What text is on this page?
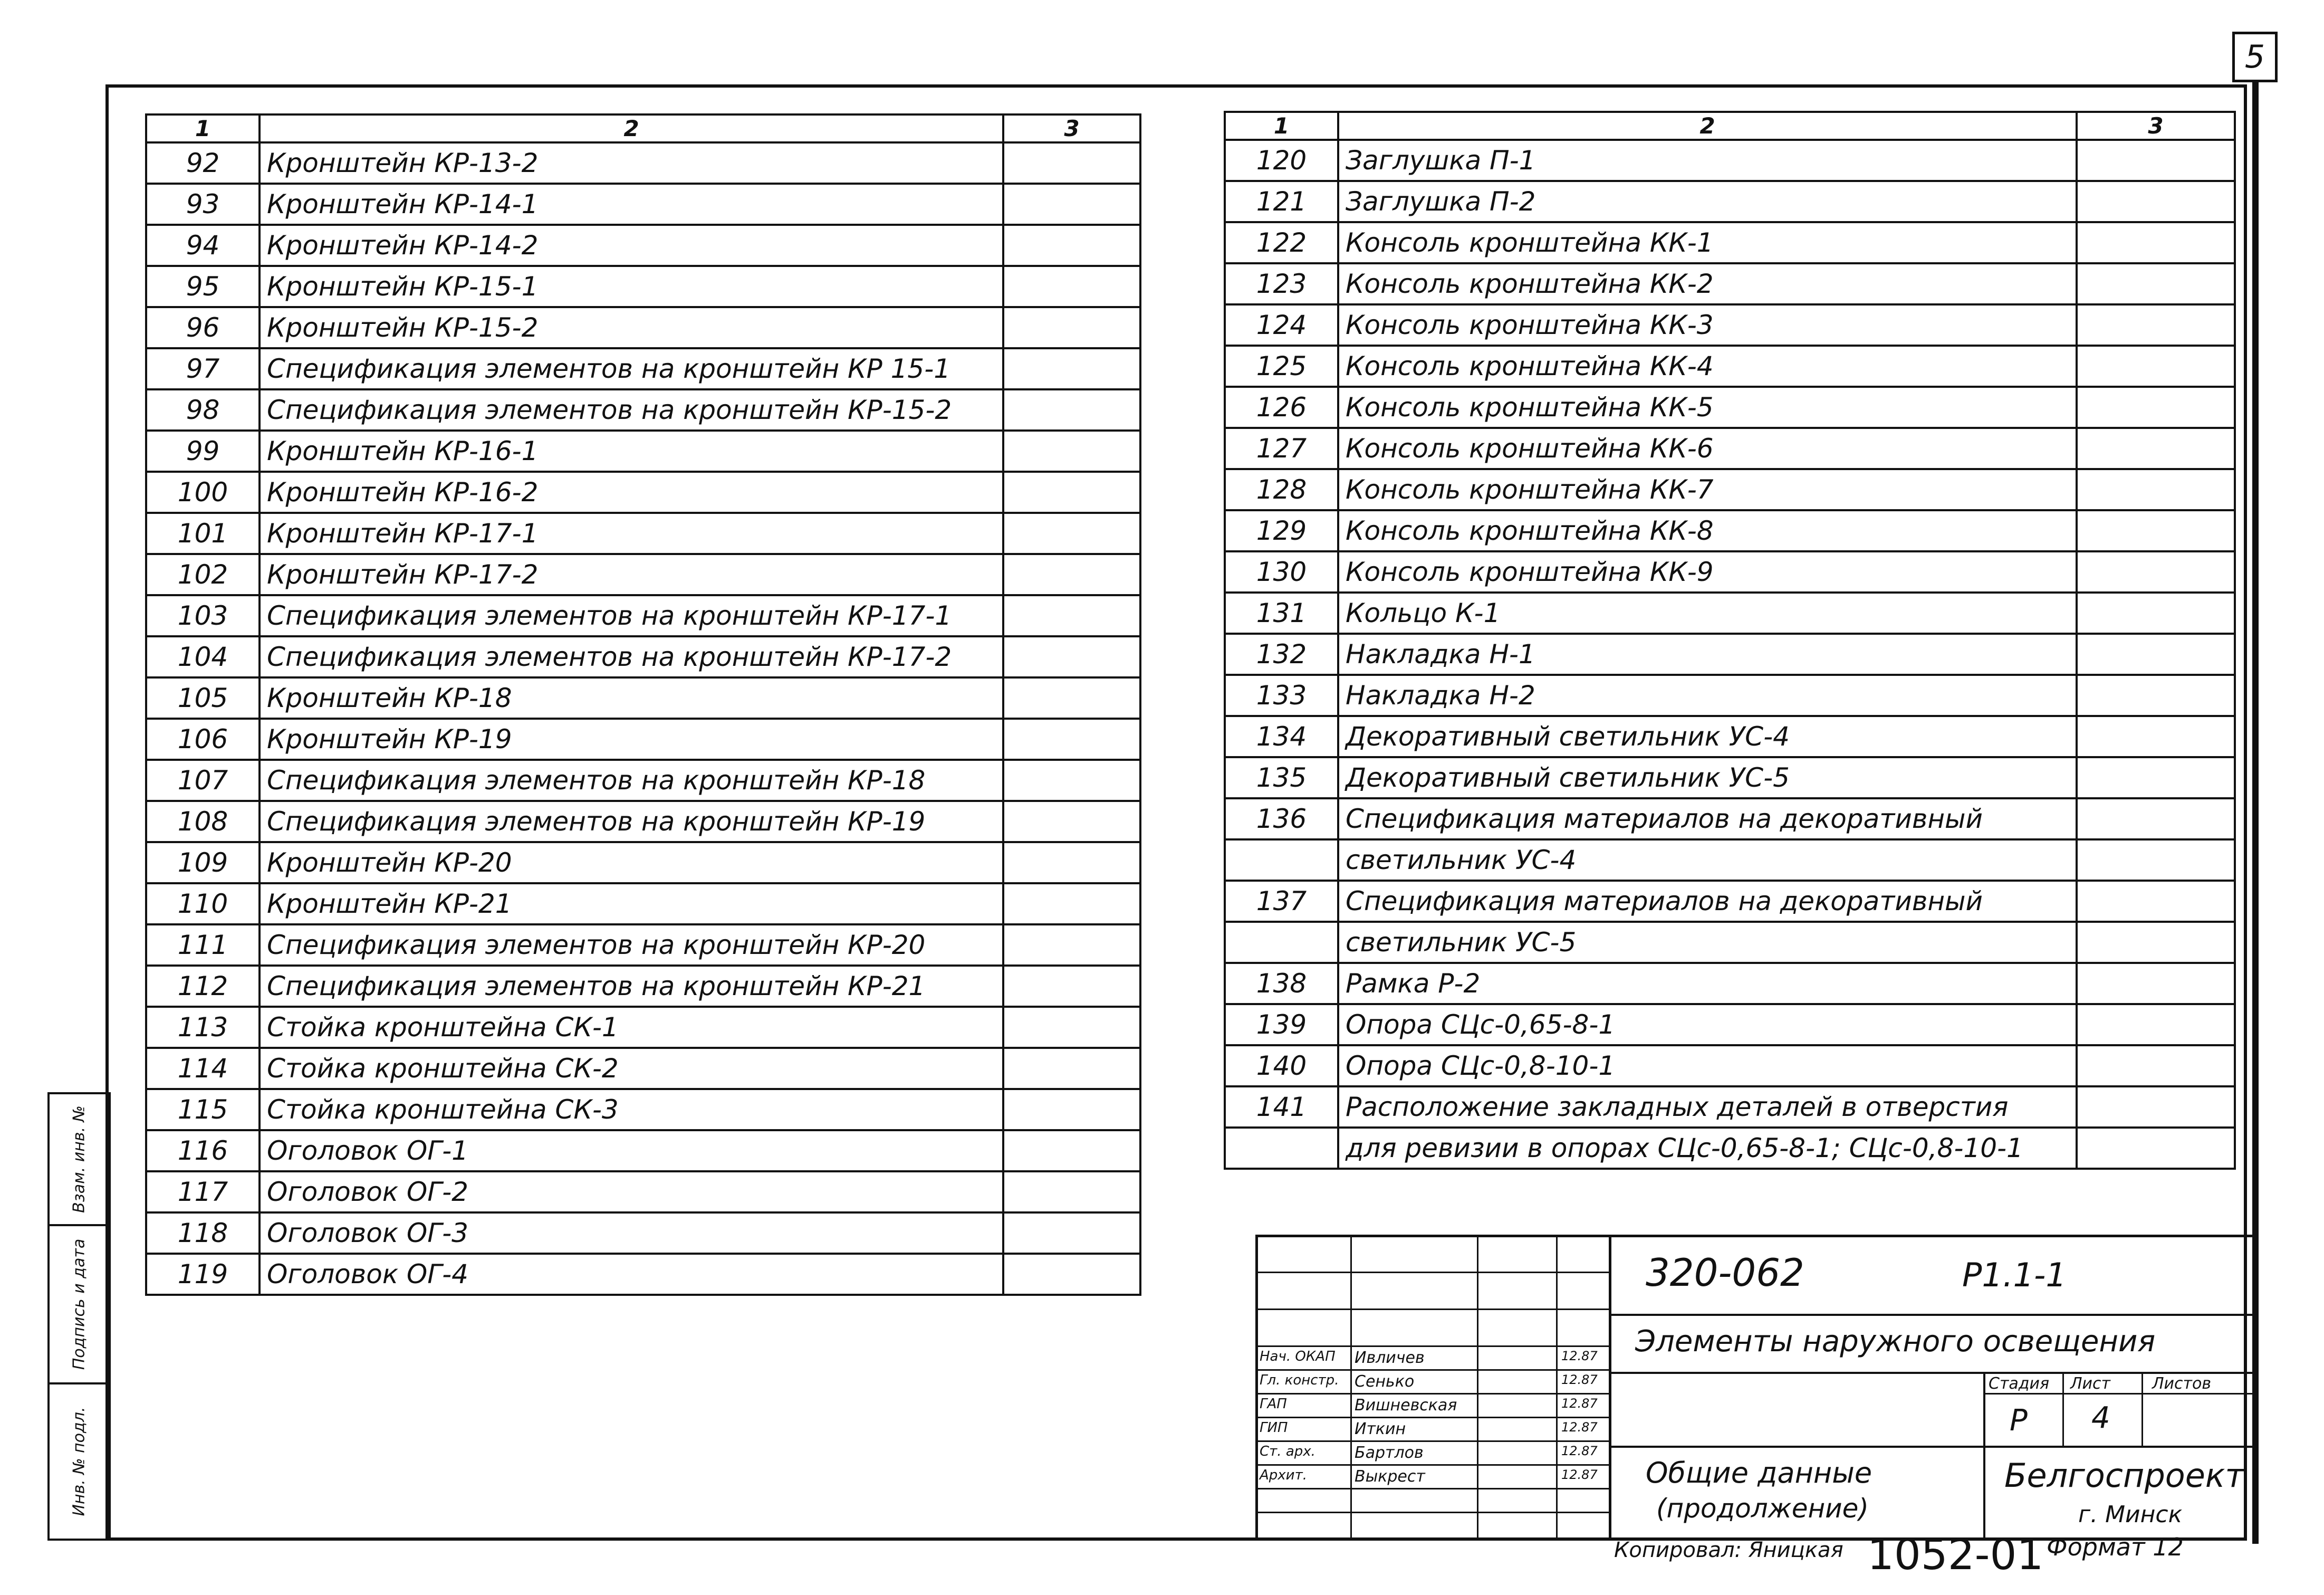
5
1	2	3
92	Кронштейн КР-13-2	
93	Кронштейн КР-14-1	
94	Кронштейн КР-14-2	
95	Кронштейн КР-15-1	
96	Кронштейн КР-15-2	
97	Спецификация элементов на кронштейн КР 15-1	
98	Спецификация элементов на кронштейн КР-15-2	
99	Кронштейн КР-16-1	
100	Кронштейн КР-16-2	
101	Кронштейн КР-17-1	
102	Кронштейн КР-17-2	
103	Спецификация элементов на кронштейн КР-17-1	
104	Спецификация элементов на кронштейн КР-17-2	
105	Кронштейн КР-18	
106	Кронштейн КР-19	
107	Спецификация элементов на кронштейн КР-18	
108	Спецификация элементов на кронштейн КР-19	
109	Кронштейн КР-20	
110	Кронштейн КР-21	
111	Спецификация элементов на кронштейн КР-20	
112	Спецификация элементов на кронштейн КР-21	
113	Стойка кронштейна СК-1	
114	Стойка кронштейна СК-2	
115	Стойка кронштейна СК-3	
116	Оголовок ОГ-1	
117	Оголовок ОГ-2	
118	Оголовок ОГ-3	
119	Оголовок ОГ-4	
1	2	3
120	Заглушка П-1	
121	Заглушка П-2	
122	Консоль кронштейна КК-1	
123	Консоль кронштейна КК-2	
124	Консоль кронштейна КК-3	
125	Консоль кронштейна КК-4	
126	Консоль кронштейна КК-5	
127	Консоль кронштейна КК-6	
128	Консоль кронштейна КК-7	
129	Консоль кронштейна КК-8	
130	Консоль кронштейна КК-9	
131	Кольцо К-1	
132	Накладка Н-1	
133	Накладка Н-2	
134	Декоративный светильник УС-4	
135	Декоративный светильник УС-5	
136	Спецификация материалов на декоративный	
	светильник УС-4	
137	Спецификация материалов на декоративный	
	светильник УС-5	
138	Рамка Р-2	
139	Опора СЦс-0,65-8-1	
140	Опора СЦс-0,8-10-1	
141	Расположение закладных деталей в отверстия	
	для ревизии в опорах СЦс-0,65-8-1; СЦс-0,8-10-1	
320-062	Р1.1-1
Элементы наружного освещения
Общие данные
(продолжение)
Стадия Лист	Листов
Р 4
Белгоспроект
г. Минск
Нач. ОКАП Ивличев	12.87
Гл. констр. Сенько	12.87
ГАП	Вишневская	12.87
ГИП	Иткин	12.87
Ст. арх. Бартлов	12.87
Архит.	Выкрест	12.87
Взам. инв. №
Подпись и дата
Инв. № подл.
Копировал: Яницкая 1052-01 Формат 12
